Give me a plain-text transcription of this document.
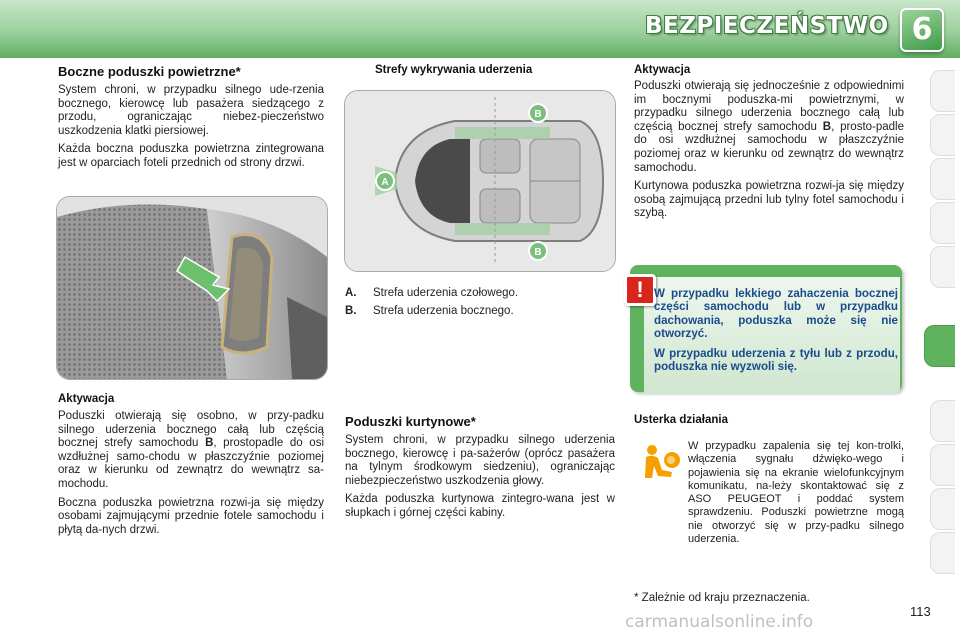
BEZPIECZEŃSTWO 6
Boczne poduszki powietrzne*

System chroni, w przypadku silnego ude-rzenia bocznego, kierowcę lub pasażera siedzącego z przodu, ograniczając niebez-pieczeństwo uszkodzenia klatki piersiowej.

Każda boczna poduszka powietrzna zintegrowana jest w oparciach foteli przednich od strony drzwi.

Aktywacja

Poduszki otwierają się osobno, w przy-padku silnego uderzenia bocznego całą lub częścią bocznej strefy samochodu B, prostopadle do osi wzdłużnej samo-chodu w płaszczyźnie poziomej oraz w kierunku od zewnątrz do wewnątrz sa-mochodu.

Boczna poduszka powietrzna rozwi-ja się między osobami zajmującymi przednie fotele samochodu i płytą da-nych drzwi.

Strefy wykrywania uderzenia
A
B
B
A. Strefa uderzenia czołowego.
B. Strefa uderzenia bocznego.
Poduszki kurtynowe*

System chroni, w przypadku silnego uderzenia bocznego, kierowcę i pa-sażerów (oprócz pasażera na tylnym środkowym siedzeniu), ograniczając niebezpieczeństwo uszkodzenia głowy.

Każda poduszka kurtynowa zintegro-wana jest w słupkach i górnej części kabiny.

Aktywacja

Poduszki otwierają się jednocześnie z odpowiednimi im bocznymi poduszka-mi powietrznymi, w przypadku silnego uderzenia bocznego całą lub częścią bocznej strefy samochodu B, prosto-padle do osi wzdłużnej samochodu w płaszczyźnie poziomej oraz w kierunku od zewnątrz do wewnątrz samochodu.

Kurtynowa poduszka powietrzna rozwi-ja się między osobą zajmującą przedni lub tylny fotel samochodu i szybą.

! W przypadku lekkiego zahaczenia bocznej części samochodu lub w przypadku dachowania, poduszka może się nie otworzyć.

W przypadku uderzenia z tyłu lub z przodu, poduszka nie wyzwoli się.

Usterka działania
W przypadku zapalenia się tej kon-trolki, włączenia sygnału dźwięko-wego i pojawienia się na ekranie wielofunkcyjnym komunikatu, na-leży skontaktować się z ASO PEUGEOT i poddać system sprawdzeniu. Poduszki powietrzne mogą nie otworzyć się w przy-padku silnego uderzenia.
* Zależnie od kraju przeznaczenia.
carmanualsonline.info
113
